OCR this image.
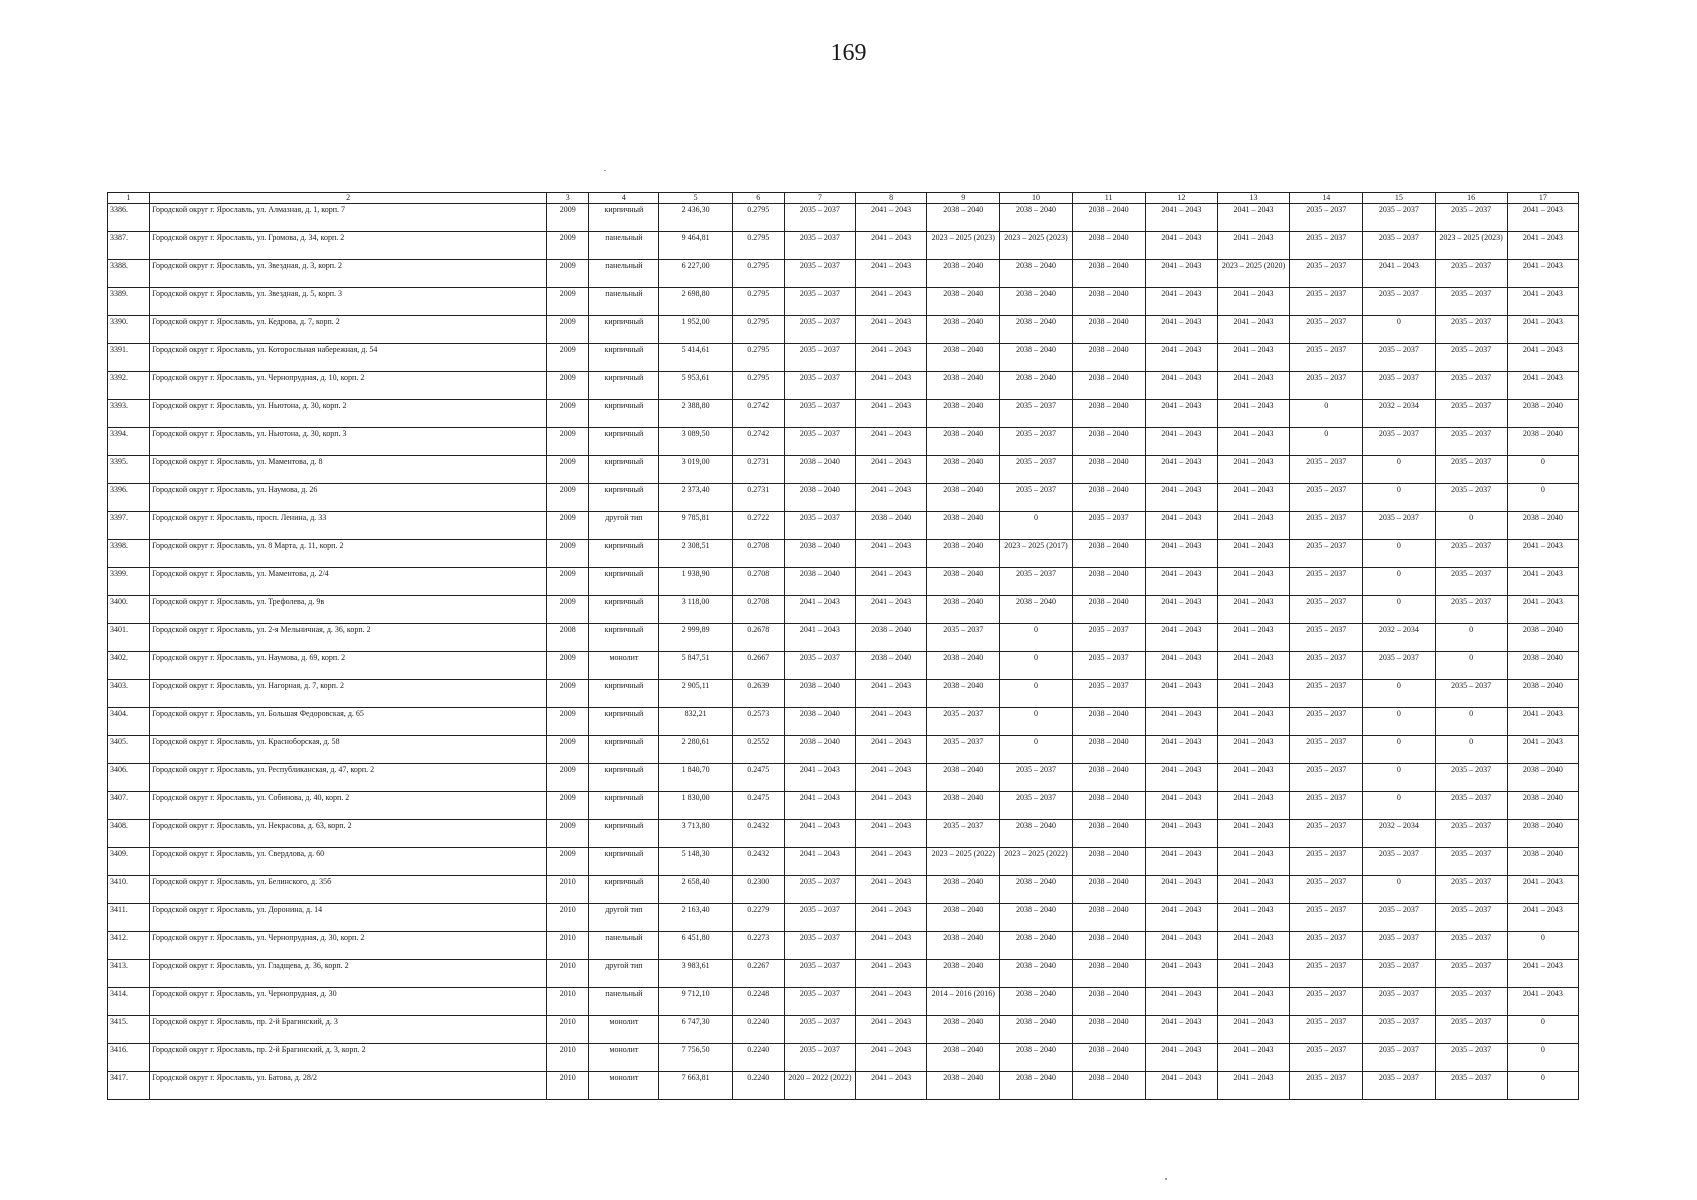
169
1	2	3	4	5	6	7	8	9	10	11	12	13	14	15	16	17
3386.	Городской округ г. Ярославль, ул. Алмазная, д. 1, корп. 7	2009	кирпичный	2 436,30	0.2795	2035 – 2037	2041 – 2043	2038 – 2040	2038 – 2040	2038 – 2040	2041 – 2043	2041 – 2043	2035 – 2037	2035 – 2037	2035 – 2037	2041 – 2043
3387.	Городской округ г. Ярославль, ул. Громова, д. 34, корп. 2	2009	панельный	9 464,81	0.2795	2035 – 2037	2041 – 2043	2023 – 2025 (2023)	2023 – 2025 (2023)	2038 – 2040	2041 – 2043	2041 – 2043	2035 – 2037	2035 – 2037	2023 – 2025 (2023)	2041 – 2043
3388.	Городской округ г. Ярославль, ул. Звездная, д. 3, корп. 2	2009	панельный	6 227,00	0.2795	2035 – 2037	2041 – 2043	2038 – 2040	2038 – 2040	2038 – 2040	2041 – 2043	2023 – 2025 (2020)	2035 – 2037	2041 – 2043	2035 – 2037	2041 – 2043
3389.	Городской округ г. Ярославль, ул. Звездная, д. 5, корп. 3	2009	панельный	2 698,80	0.2795	2035 – 2037	2041 – 2043	2038 – 2040	2038 – 2040	2038 – 2040	2041 – 2043	2041 – 2043	2035 – 2037	2035 – 2037	2035 – 2037	2041 – 2043
3390.	Городской округ г. Ярославль, ул. Кедрова, д. 7, корп. 2	2009	кирпичный	1 952,00	0.2795	2035 – 2037	2041 – 2043	2038 – 2040	2038 – 2040	2038 – 2040	2041 – 2043	2041 – 2043	2035 – 2037	0	2035 – 2037	2041 – 2043
3391.	Городской округ г. Ярославль, ул. Которосльная набережная, д. 54	2009	кирпичный	5 414,61	0.2795	2035 – 2037	2041 – 2043	2038 – 2040	2038 – 2040	2038 – 2040	2041 – 2043	2041 – 2043	2035 – 2037	2035 – 2037	2035 – 2037	2041 – 2043
3392.	Городской округ г. Ярославль, ул. Чернопрудная, д. 10, корп. 2	2009	кирпичный	5 953,61	0.2795	2035 – 2037	2041 – 2043	2038 – 2040	2038 – 2040	2038 – 2040	2041 – 2043	2041 – 2043	2035 – 2037	2035 – 2037	2035 – 2037	2041 – 2043
3393.	Городской округ г. Ярославль, ул. Ньютона, д. 30, корп. 2	2009	кирпичный	2 388,80	0.2742	2035 – 2037	2041 – 2043	2038 – 2040	2035 – 2037	2038 – 2040	2041 – 2043	2041 – 2043	0	2032 – 2034	2035 – 2037	2038 – 2040
3394.	Городской округ г. Ярославль, ул. Ньютона, д. 30, корп. 3	2009	кирпичный	3 089,50	0.2742	2035 – 2037	2041 – 2043	2038 – 2040	2035 – 2037	2038 – 2040	2041 – 2043	2041 – 2043	0	2035 – 2037	2035 – 2037	2038 – 2040
3395.	Городской округ г. Ярославль, ул. Маментова, д. 8	2009	кирпичный	3 019,00	0.2731	2038 – 2040	2041 – 2043	2038 – 2040	2035 – 2037	2038 – 2040	2041 – 2043	2041 – 2043	2035 – 2037	0	2035 – 2037	0
3396.	Городской округ г. Ярославль, ул. Наумова, д. 26	2009	кирпичный	2 373,40	0.2731	2038 – 2040	2041 – 2043	2038 – 2040	2035 – 2037	2038 – 2040	2041 – 2043	2041 – 2043	2035 – 2037	0	2035 – 2037	0
3397.	Городской округ г. Ярославль, просп. Ленина, д. 33	2009	другой тип	9 785,81	0.2722	2035 – 2037	2038 – 2040	2038 – 2040	0	2035 – 2037	2041 – 2043	2041 – 2043	2035 – 2037	2035 – 2037	0	2038 – 2040
3398.	Городской округ г. Ярославль, ул. 8 Марта, д. 11, корп. 2	2009	кирпичный	2 308,51	0.2708	2038 – 2040	2041 – 2043	2038 – 2040	2023 – 2025 (2017)	2038 – 2040	2041 – 2043	2041 – 2043	2035 – 2037	0	2035 – 2037	2041 – 2043
3399.	Городской округ г. Ярославль, ул. Маментова, д. 2/4	2009	кирпичный	1 938,90	0.2708	2038 – 2040	2041 – 2043	2038 – 2040	2035 – 2037	2038 – 2040	2041 – 2043	2041 – 2043	2035 – 2037	0	2035 – 2037	2041 – 2043
3400.	Городской округ г. Ярославль, ул. Трефолева, д. 9в	2009	кирпичный	3 118,00	0.2708	2041 – 2043	2041 – 2043	2038 – 2040	2038 – 2040	2038 – 2040	2041 – 2043	2041 – 2043	2035 – 2037	0	2035 – 2037	2041 – 2043
3401.	Городской округ г. Ярославль, ул. 2-я Мельничная, д. 36, корп. 2	2008	кирпичный	2 999,89	0.2678	2041 – 2043	2038 – 2040	2035 – 2037	0	2035 – 2037	2041 – 2043	2041 – 2043	2035 – 2037	2032 – 2034	0	2038 – 2040
3402.	Городской округ г. Ярославль, ул. Наумова, д. 69, корп. 2	2009	монолит	5 847,51	0.2667	2035 – 2037	2038 – 2040	2038 – 2040	0	2035 – 2037	2041 – 2043	2041 – 2043	2035 – 2037	2035 – 2037	0	2038 – 2040
3403.	Городской округ г. Ярославль, ул. Нагорная, д. 7, корп. 2	2009	кирпичный	2 905,11	0.2639	2038 – 2040	2041 – 2043	2038 – 2040	0	2035 – 2037	2041 – 2043	2041 – 2043	2035 – 2037	0	2035 – 2037	2038 – 2040
3404.	Городской округ г. Ярославль, ул. Большая Федоровская, д. 65	2009	кирпичный	832,21	0.2573	2038 – 2040	2041 – 2043	2035 – 2037	0	2038 – 2040	2041 – 2043	2041 – 2043	2035 – 2037	0	0	2041 – 2043
3405.	Городской округ г. Ярославль, ул. Красноборская, д. 58	2009	кирпичный	2 280,61	0.2552	2038 – 2040	2041 – 2043	2035 – 2037	0	2038 – 2040	2041 – 2043	2041 – 2043	2035 – 2037	0	0	2041 – 2043
3406.	Городской округ г. Ярославль, ул. Республиканская, д. 47, корп. 2	2009	кирпичный	1 840,70	0.2475	2041 – 2043	2041 – 2043	2038 – 2040	2035 – 2037	2038 – 2040	2041 – 2043	2041 – 2043	2035 – 2037	0	2035 – 2037	2038 – 2040
3407.	Городской округ г. Ярославль, ул. Собинова, д. 40, корп. 2	2009	кирпичный	1 830,00	0.2475	2041 – 2043	2041 – 2043	2038 – 2040	2035 – 2037	2038 – 2040	2041 – 2043	2041 – 2043	2035 – 2037	0	2035 – 2037	2038 – 2040
3408.	Городской округ г. Ярославль, ул. Некрасова, д. 63, корп. 2	2009	кирпичный	3 713,80	0.2432	2041 – 2043	2041 – 2043	2035 – 2037	2038 – 2040	2038 – 2040	2041 – 2043	2041 – 2043	2035 – 2037	2032 – 2034	2035 – 2037	2038 – 2040
3409.	Городской округ г. Ярославль, ул. Свердлова, д. 60	2009	кирпичный	5 148,30	0.2432	2041 – 2043	2041 – 2043	2023 – 2025 (2022)	2023 – 2025 (2022)	2038 – 2040	2041 – 2043	2041 – 2043	2035 – 2037	2035 – 2037	2035 – 2037	2038 – 2040
3410.	Городской округ г. Ярославль, ул. Белинского, д. 35б	2010	кирпичный	2 658,40	0.2300	2035 – 2037	2041 – 2043	2038 – 2040	2038 – 2040	2038 – 2040	2041 – 2043	2041 – 2043	2035 – 2037	0	2035 – 2037	2041 – 2043
3411.	Городской округ г. Ярославль, ул. Доронина, д. 14	2010	другой тип	2 163,40	0.2279	2035 – 2037	2041 – 2043	2038 – 2040	2038 – 2040	2038 – 2040	2041 – 2043	2041 – 2043	2035 – 2037	2035 – 2037	2035 – 2037	2041 – 2043
3412.	Городской округ г. Ярославль, ул. Чернопрудная, д. 30, корп. 2	2010	панельный	6 451,80	0.2273	2035 – 2037	2041 – 2043	2038 – 2040	2038 – 2040	2038 – 2040	2041 – 2043	2041 – 2043	2035 – 2037	2035 – 2037	2035 – 2037	0
3413.	Городской округ г. Ярославль, ул. Гладщева, д. 36, корп. 2	2010	другой тип	3 983,61	0.2267	2035 – 2037	2041 – 2043	2038 – 2040	2038 – 2040	2038 – 2040	2041 – 2043	2041 – 2043	2035 – 2037	2035 – 2037	2035 – 2037	2041 – 2043
3414.	Городской округ г. Ярославль, ул. Чернопрудная, д. 30	2010	панельный	9 712,10	0.2248	2035 – 2037	2041 – 2043	2014 – 2016 (2016)	2038 – 2040	2038 – 2040	2041 – 2043	2041 – 2043	2035 – 2037	2035 – 2037	2035 – 2037	2041 – 2043
3415.	Городской округ г. Ярославль, пр. 2-й Брагинский, д. 3	2010	монолит	6 747,30	0.2240	2035 – 2037	2041 – 2043	2038 – 2040	2038 – 2040	2038 – 2040	2041 – 2043	2041 – 2043	2035 – 2037	2035 – 2037	2035 – 2037	0
3416.	Городской округ г. Ярославль, пр. 2-й Брагинский, д. 3, корп. 2	2010	монолит	7 756,50	0.2240	2035 – 2037	2041 – 2043	2038 – 2040	2038 – 2040	2038 – 2040	2041 – 2043	2041 – 2043	2035 – 2037	2035 – 2037	2035 – 2037	0
3417.	Городской округ г. Ярославль, ул. Батова, д. 28/2	2010	монолит	7 663,81	0.2240	2020 – 2022 (2022)	2041 – 2043	2038 – 2040	2038 – 2040	2038 – 2040	2041 – 2043	2041 – 2043	2035 – 2037	2035 – 2037	2035 – 2037	0
